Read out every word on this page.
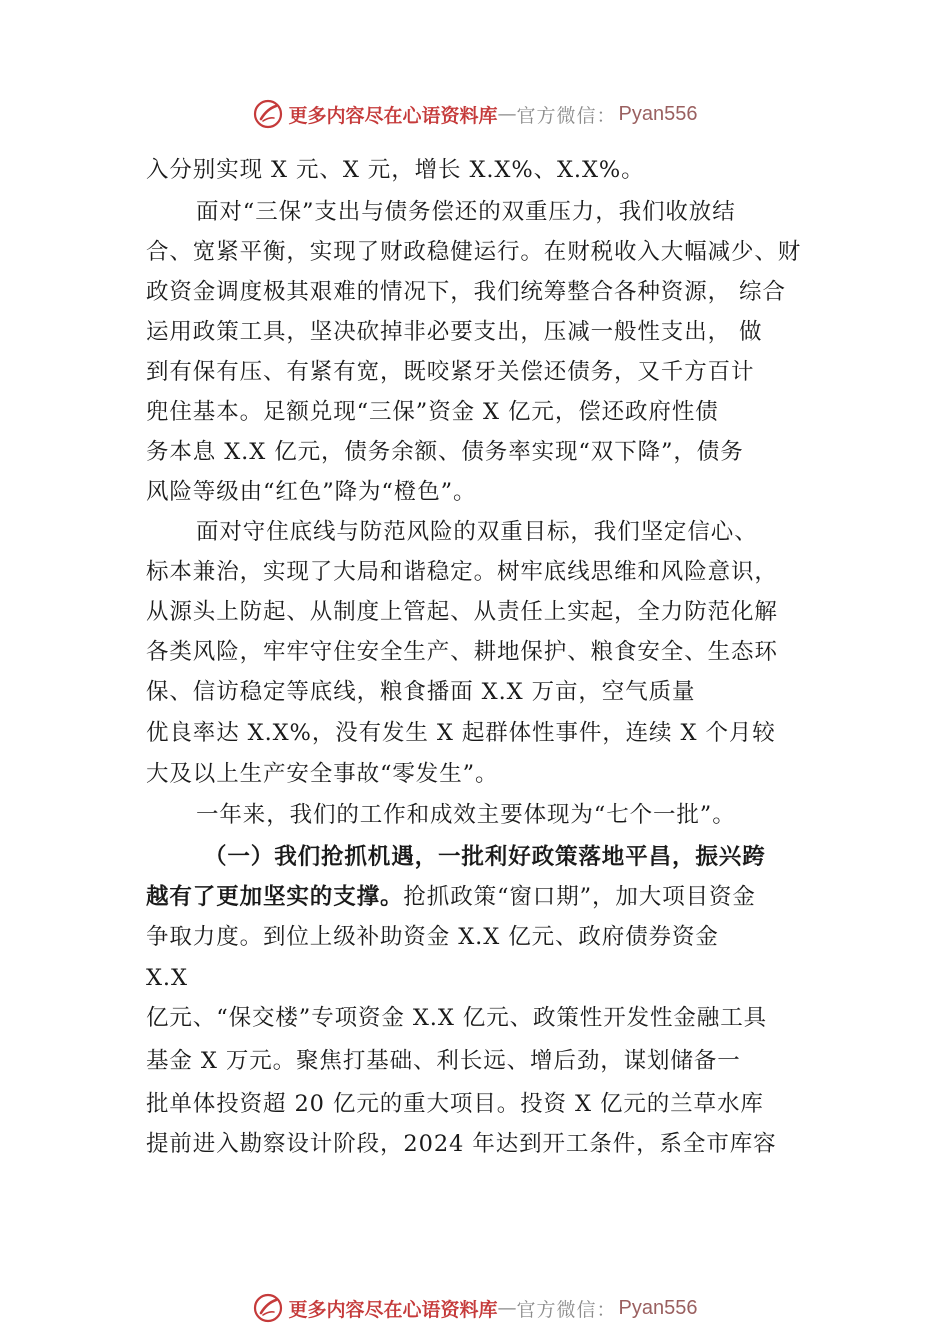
更多内容尽在心语资料库 — 官方微信： Pyan556
入分别实现 X 元、X 元，增长 X.X%、X.X%。
面对“三保”支出与债务偿还的双重压力，我们收放结
合、宽紧平衡，实现了财政稳健运行。在财税收入大幅减少、财
政资金调度极其艰难的情况下，我们统筹整合各种资源， 综合
运用政策工具，坚决砍掉非必要支出，压减一般性支出， 做
到有保有压、有紧有宽，既咬紧牙关偿还债务，又千方百计
兜住基本。足额兑现“三保”资金 X 亿元，偿还政府性债
务本息 X.X 亿元，债务余额、债务率实现“双下降”，债务
风险等级由“红色”降为“橙色”。
面对守住底线与防范风险的双重目标，我们坚定信心、
标本兼治，实现了大局和谐稳定。树牢底线思维和风险意识，
从源头上防起、从制度上管起、从责任上实起，全力防范化解
各类风险，牢牢守住安全生产、耕地保护、粮食安全、生态环
保、信访稳定等底线，粮食播面 X.X 万亩，空气质量
优良率达 X.X%，没有发生 X 起群体性事件，连续 X 个月较
大及以上生产安全事故“零发生”。
一年来，我们的工作和成效主要体现为“七个一批”。
（一）我们抢抓机遇，一批利好政策落地平昌，振兴跨
越有了更加坚实的支撑。抢抓政策“窗口期”，加大项目资金
争取力度。到位上级补助资金 X.X 亿元、政府债券资金
X.X
亿元、“保交楼”专项资金 X.X 亿元、政策性开发性金融工具
基金 X 万元。聚焦打基础、利长远、增后劲，谋划储备一
批单体投资超 20 亿元的重大项目。投资 X 亿元的兰草水库
提前进入勘察设计阶段，2024 年达到开工条件，系全市库容
更多内容尽在心语资料库 — 官方微信： Pyan556
